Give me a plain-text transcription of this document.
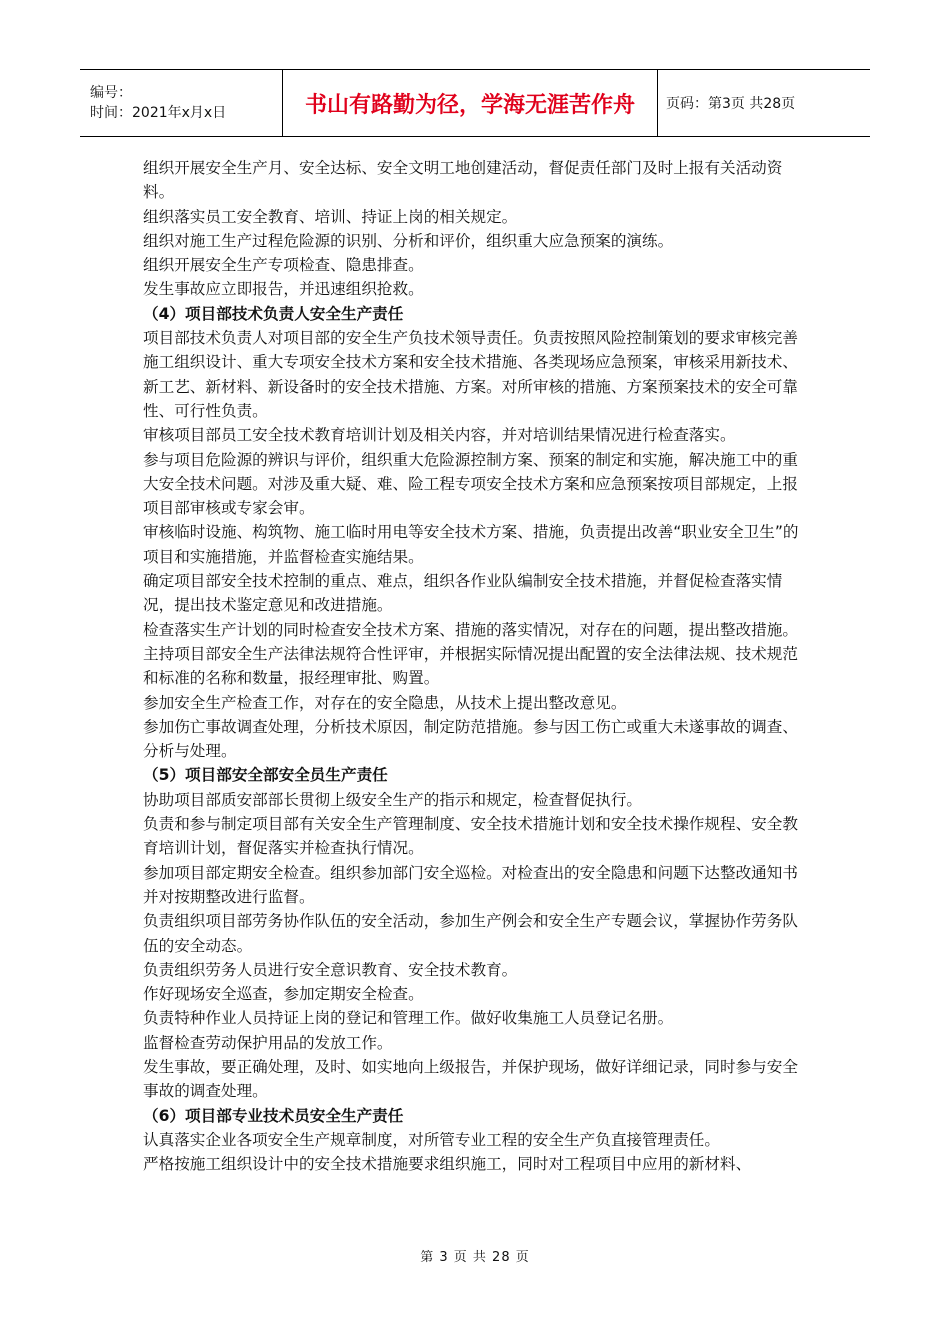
编号：
时间：2021年x月x日	书山有路勤为径，学海无涯苦作舟 页码：第3页 共28页

组织开展安全生产月、安全达标、安全文明工地创建活动，督促责任部门及时上报有关活动资料。

组织落实员工安全教育、培训、持证上岗的相关规定。

组织对施工生产过程危险源的识别、分析和评价，组织重大应急预案的演练。

组织开展安全生产专项检查、隐患排查。

发生事故应立即报告，并迅速组织抢救。

（4）项目部技术负责人安全生产责任

项目部技术负责人对项目部的安全生产负技术领导责任。负责按照风险控制策划的要求审核完善施工组织设计、重大专项安全技术方案和安全技术措施、各类现场应急预案，审核采用新技术、新工艺、新材料、新设备时的安全技术措施、方案。对所审核的措施、方案预案技术的安全可靠性、可行性负责。

审核项目部员工安全技术教育培训计划及相关内容，并对培训结果情况进行检查落实。

参与项目危险源的辨识与评价，组织重大危险源控制方案、预案的制定和实施，解决施工中的重大安全技术问题。对涉及重大疑、难、险工程专项安全技术方案和应急预案按项目部规定，上报项目部审核或专家会审。

审核临时设施、构筑物、施工临时用电等安全技术方案、措施，负责提出改善“职业安全卫生”的项目和实施措施，并监督检查实施结果。

确定项目部安全技术控制的重点、难点，组织各作业队编制安全技术措施，并督促检查落实情况，提出技术鉴定意见和改进措施。

检查落实生产计划的同时检查安全技术方案、措施的落实情况，对存在的问题，提出整改措施。

主持项目部安全生产法律法规符合性评审，并根据实际情况提出配置的安全法律法规、技术规范和标准的名称和数量，报经理审批、购置。

参加安全生产检查工作，对存在的安全隐患，从技术上提出整改意见。

参加伤亡事故调查处理，分析技术原因，制定防范措施。参与因工伤亡或重大未遂事故的调查、分析与处理。

（5）项目部安全部安全员生产责任

协助项目部质安部部长贯彻上级安全生产的指示和规定，检查督促执行。

负责和参与制定项目部有关安全生产管理制度、安全技术措施计划和安全技术操作规程、安全教育培训计划，督促落实并检查执行情况。

参加项目部定期安全检查。组织参加部门安全巡检。对检查出的安全隐患和问题下达整改通知书并对按期整改进行监督。

负责组织项目部劳务协作队伍的安全活动，参加生产例会和安全生产专题会议，掌握协作劳务队伍的安全动态。

负责组织劳务人员进行安全意识教育、安全技术教育。

作好现场安全巡查，参加定期安全检查。

负责特种作业人员持证上岗的登记和管理工作。做好收集施工人员登记名册。

监督检查劳动保护用品的发放工作。

发生事故，要正确处理，及时、如实地向上级报告，并保护现场，做好详细记录，同时参与安全事故的调查处理。

（6）项目部专业技术员安全生产责任

认真落实企业各项安全生产规章制度，对所管专业工程的安全生产负直接管理责任。

严格按施工组织设计中的安全技术措施要求组织施工，同时对工程项目中应用的新材料、

第 3 页 共 28 页
